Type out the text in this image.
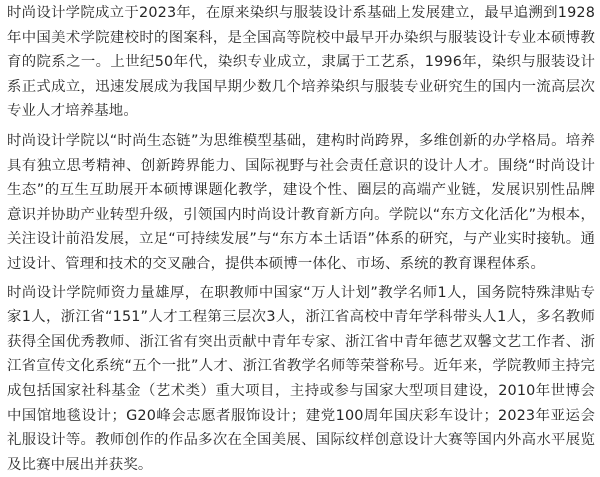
时尚设计学院成立于2023年，在原来染织与服装设计系基础上发展建立，最早追溯到1928年中国美术学院建校时的图案科，是全国高等院校中最早开办染织与服装设计专业本硕博教育的院系之一。上世纪50年代，染织专业成立，隶属于工艺系，1996年，染织与服装设计系正式成立，迅速发展成为我国早期少数几个培养染织与服装专业研究生的国内一流高层次专业人才培养基地。

时尚设计学院以“时尚生态链”为思维模型基础，建构时尚跨界，多维创新的办学格局。培养具有独立思考精神、创新跨界能力、国际视野与社会责任意识的设计人才。围绕“时尚设计生态”的互生互助展开本硕博课题化教学，建设个性、圈层的高端产业链，发展识别性品牌意识并协助产业转型升级，引领国内时尚设计教育新方向。学院以“东方文化活化”为根本，关注设计前沿发展，立足“可持续发展”与“东方本土话语”体系的研究，与产业实时接轨。通过设计、管理和技术的交叉融合，提供本硕博一体化、市场、系统的教育课程体系。

时尚设计学院师资力量雄厚，在职教师中国家“万人计划”教学名师1人，国务院特殊津贴专家1人，浙江省“151”人才工程第三层次3人，浙江省高校中青年学科带头人1人，多名教师获得全国优秀教师、浙江省有突出贡献中青年专家、浙江省中青年德艺双馨文艺工作者、浙江省宣传文化系统“五个一批”人才、浙江省教学名师等荣誉称号。近年来，学院教师主持完成包括国家社科基金（艺术类）重大项目，主持或参与国家大型项目建设，2010年世博会中国馆地毯设计；G20峰会志愿者服饰设计；建党100周年国庆彩车设计；2023年亚运会礼服设计等。教师创作的作品多次在全国美展、国际纹样创意设计大赛等国内外高水平展览及比赛中展出并获奖。
